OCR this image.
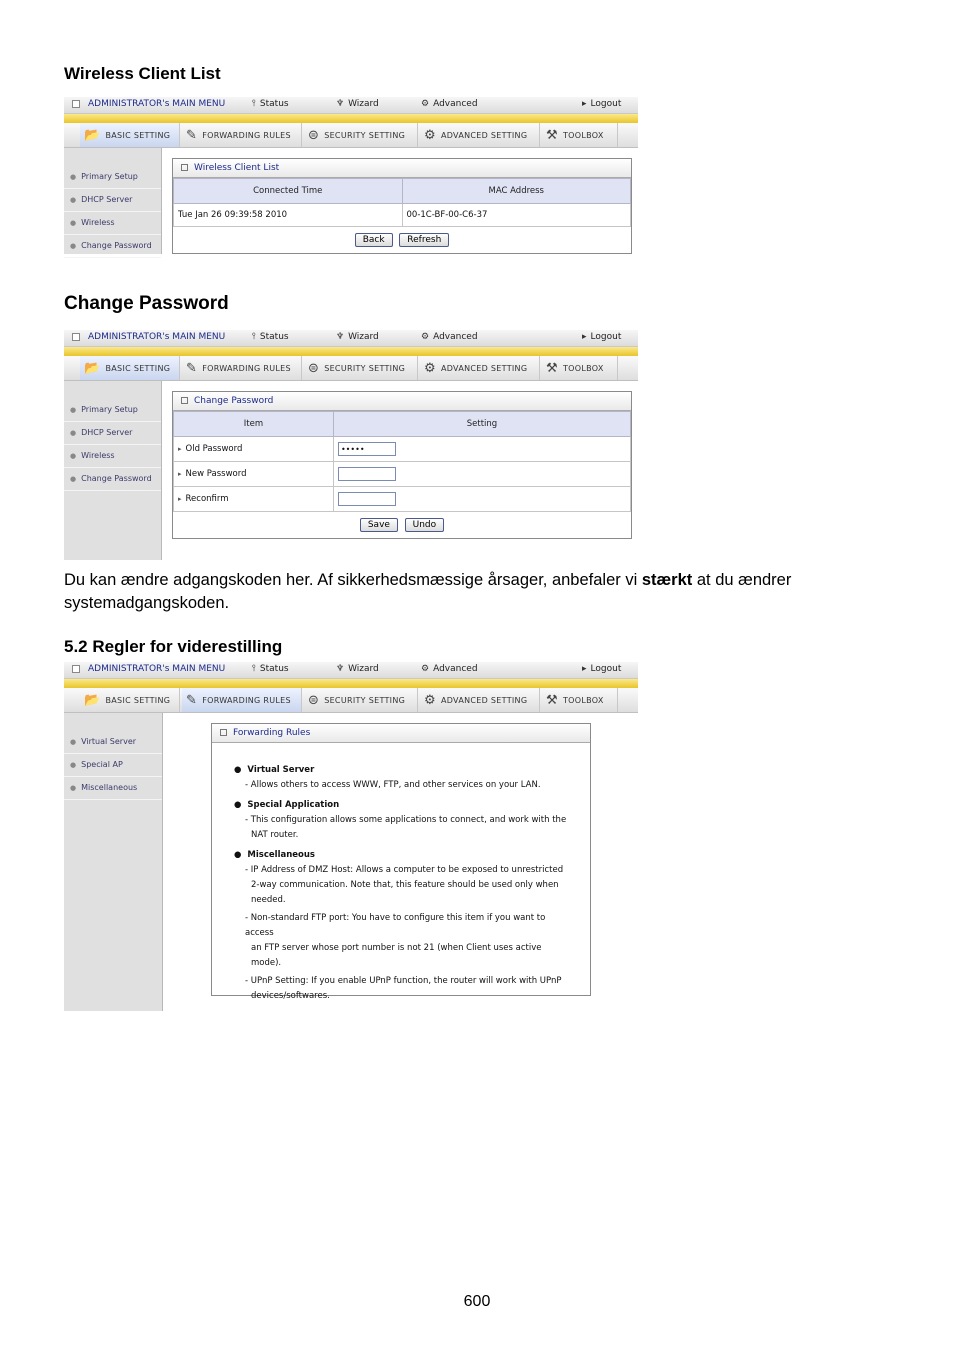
Wireless Client List
Change Password
Du kan ændre adgangskoden her. Af sikkerhedsmæssige årsager, anbefaler vi stærkt at du ændrer systemadgangskoden.
5.2 Regler for viderestilling
600
ADMINISTRATOR's MAIN MENU	⫯ Status	♆ Wizard	⚙ Advanced	▸ Logout
📂 BASIC SETTING ✎ FORWARDING RULES ⊜ SECURITY SETTING ⚙ ADVANCED SETTING ⚒ TOOLBOX
● Primary Setup
● DHCP Server
● Wireless
● Change Password
Wireless Client List
Connected Time	MAC Address
Tue Jan 26 09:39:58 2010	00-1C-BF-00-C6-37
Back	Refresh
ADMINISTRATOR's MAIN MENU	⫯ Status	♆ Wizard	⚙ Advanced	▸ Logout
📂 BASIC SETTING ✎ FORWARDING RULES ⊜ SECURITY SETTING ⚙ ADVANCED SETTING ⚒ TOOLBOX
● Primary Setup
● DHCP Server
● Wireless
● Change Password
Change Password
Item	Setting
▸ Old Password	•••••
▸ New Password	
▸ Reconfirm	
Save	Undo
ADMINISTRATOR's MAIN MENU	⫯ Status	♆ Wizard	⚙ Advanced	▸ Logout
📂 BASIC SETTING ✎ FORWARDING RULES ⊜ SECURITY SETTING ⚙ ADVANCED SETTING ⚒ TOOLBOX
● Virtual Server
● Special AP
● Miscellaneous
Forwarding Rules
● Virtual Server
- Allows others to access WWW, FTP, and other services on your LAN.
● Special Application
- This configuration allows some applications to connect, and work with the
NAT router.
● Miscellaneous
- IP Address of DMZ Host: Allows a computer to be exposed to unrestricted
2-way communication. Note that, this feature should be used only when
needed.
- Non-standard FTP port: You have to configure this item if you want to access
an FTP server whose port number is not 21 (when Client uses active mode).
- UPnP Setting: If you enable UPnP function, the router will work with UPnP
devices/softwares.
